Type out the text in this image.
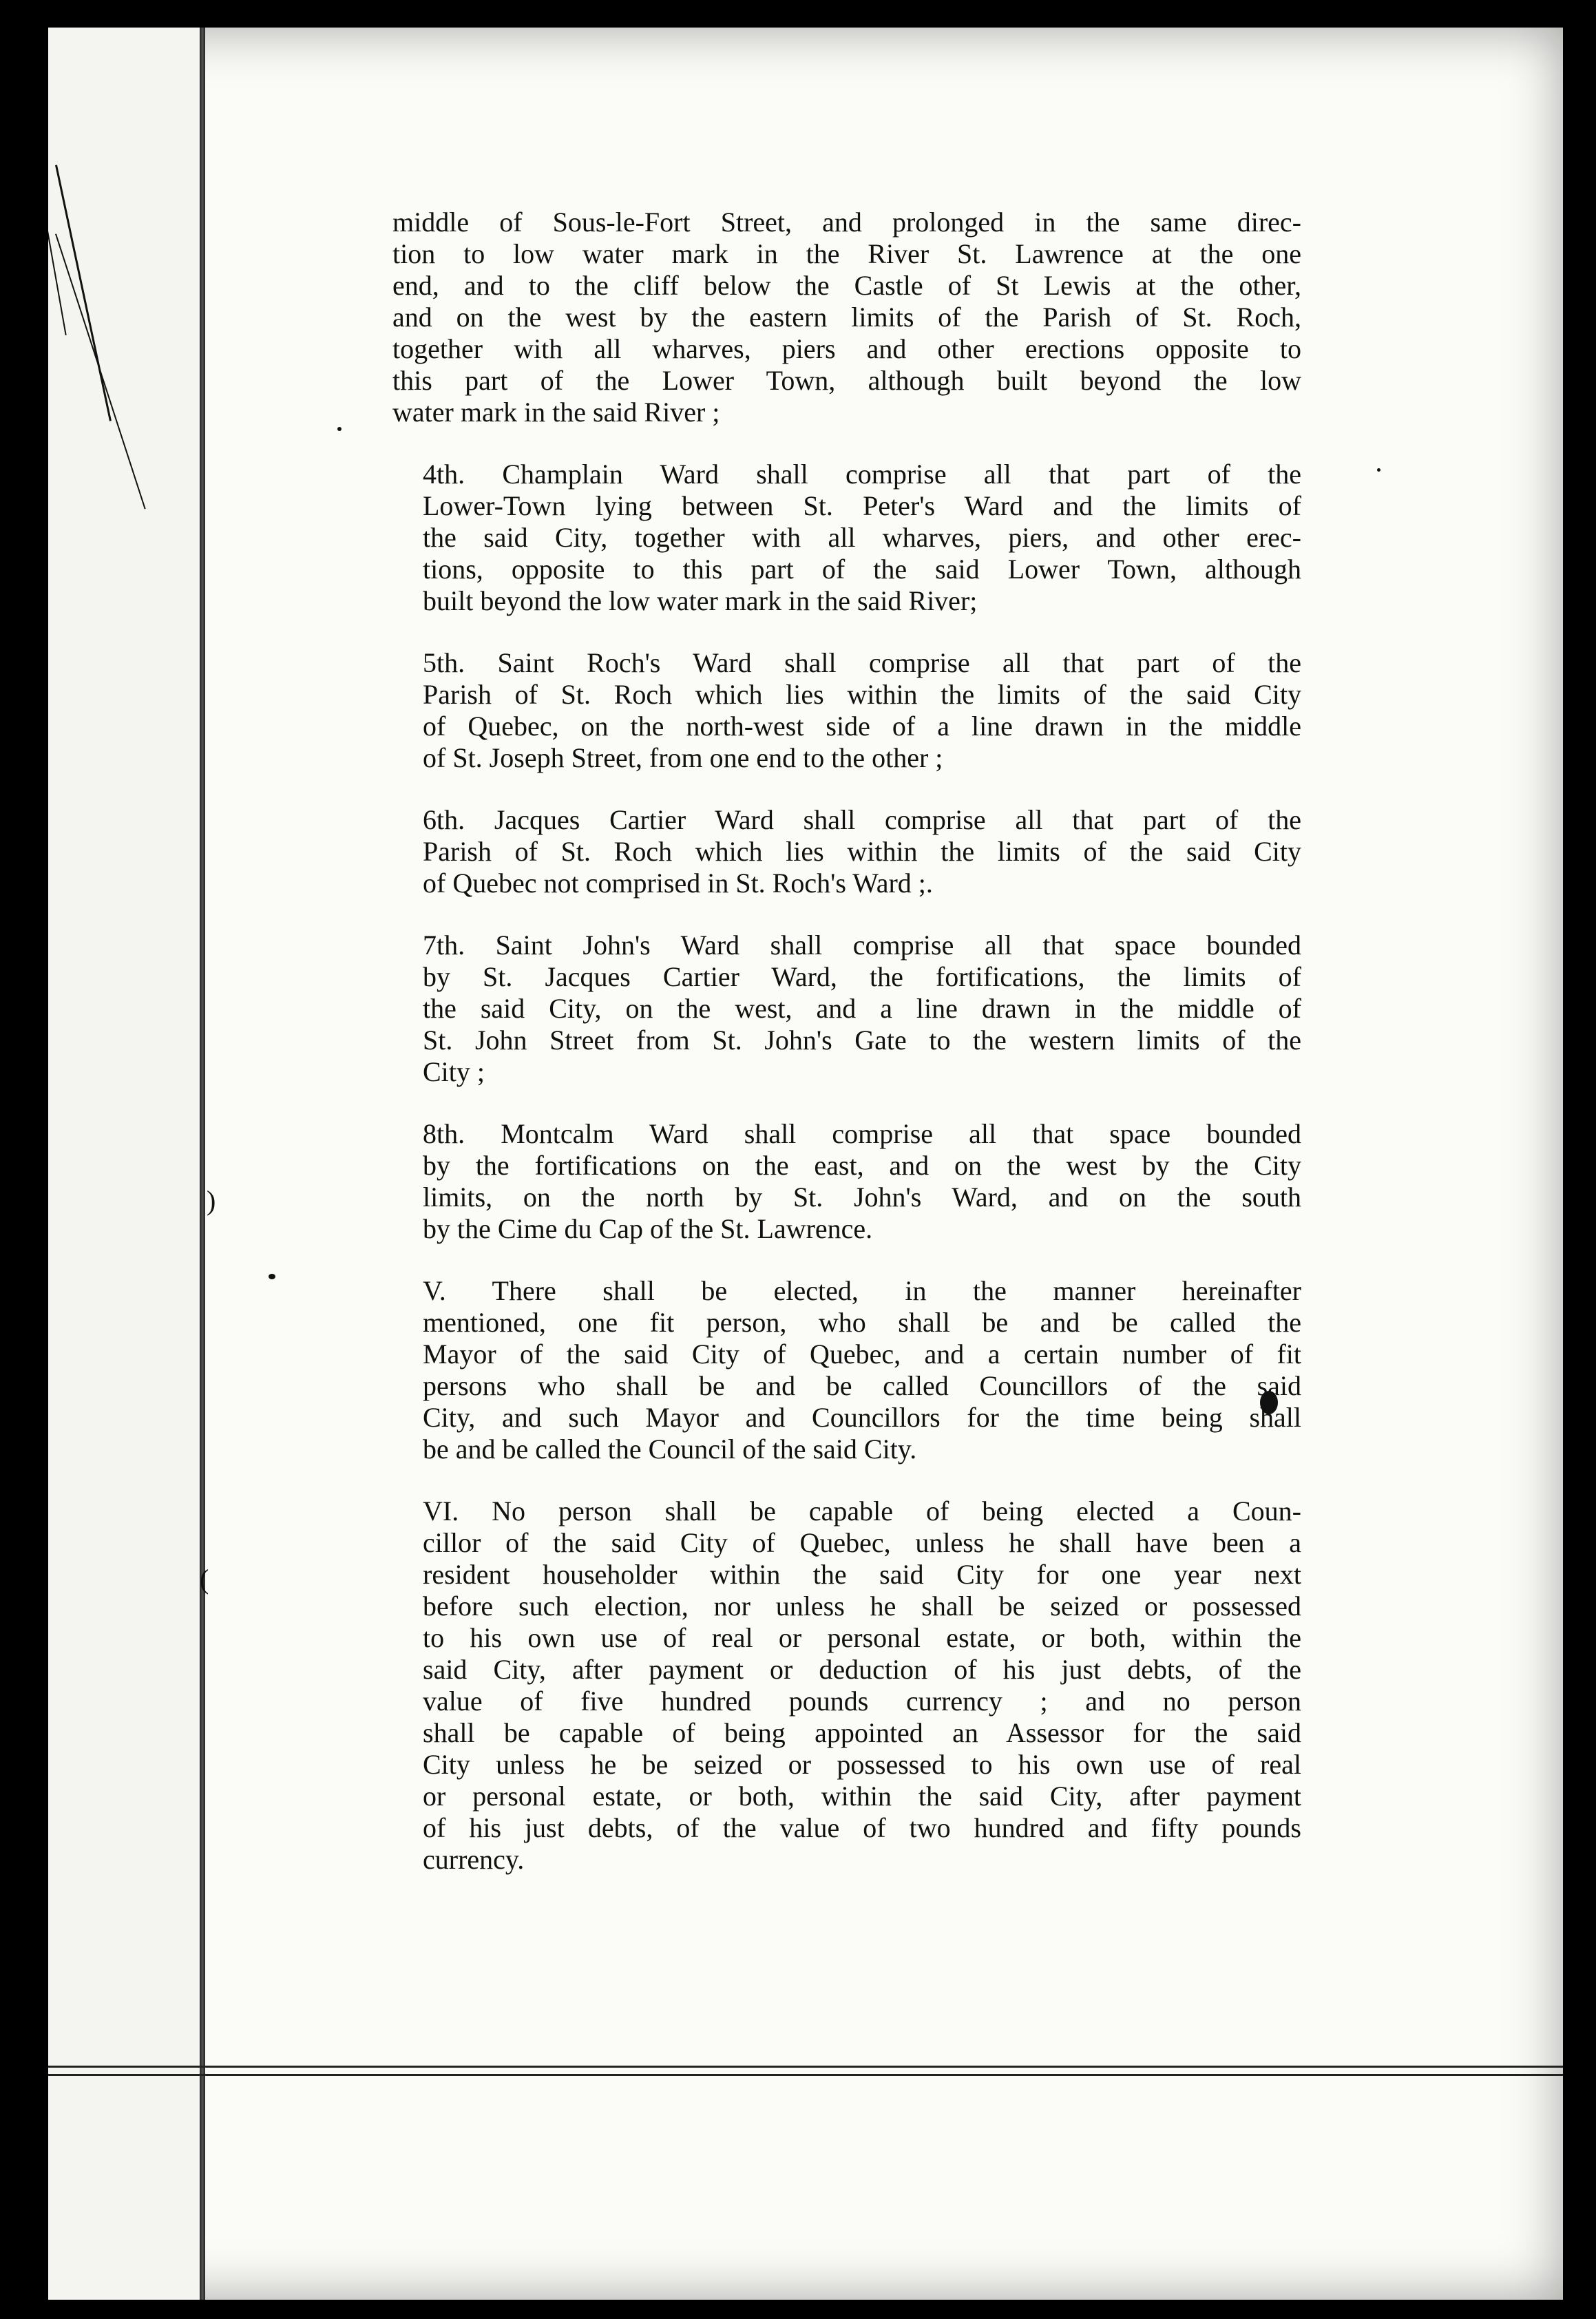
)
(

middle of Sous-le-Fort Street, and prolonged in the same direc-
tion to low water mark in the River St. Lawrence at the one
end, and to the cliff below the Castle of St Lewis at the other,
and on the west by the eastern limits of the Parish of St. Roch,
together with all wharves, piers and other erections opposite to
this part of the Lower Town, although built beyond the low
water mark in the said River ;

4th. Champlain Ward shall comprise all that part of the
Lower-Town lying between St. Peter's Ward and the limits of
the said City, together with all wharves, piers, and other erec-
tions, opposite to this part of the said Lower Town, although
built beyond the low water mark in the said River;

5th. Saint Roch's Ward shall comprise all that part of the
Parish of St. Roch which lies within the limits of the said City
of Quebec, on the north-west side of a line drawn in the middle
of St. Joseph Street, from one end to the other ;

6th. Jacques Cartier Ward shall comprise all that part of the
Parish of St. Roch which lies within the limits of the said City
of Quebec not comprised in St. Roch's Ward ;.

7th. Saint John's Ward shall comprise all that space bounded
by St. Jacques Cartier Ward, the fortifications, the limits of
the said City, on the west, and a line drawn in the middle of
St. John Street from St. John's Gate to the western limits of the
City ;

8th. Montcalm Ward shall comprise all that space bounded
by the fortifications on the east, and on the west by the City
limits, on the north by St. John's Ward, and on the south
by the Cime du Cap of the St. Lawrence.

V. There shall be elected, in the manner hereinafter
mentioned, one fit person, who shall be and be called the
Mayor of the said City of Quebec, and a certain number of fit
persons who shall be and be called Councillors of the said
City, and such Mayor and Councillors for the time being shall
be and be called the Council of the said City.

VI. No person shall be capable of being elected a Coun-
cillor of the said City of Quebec, unless he shall have been a
resident householder within the said City for one year next
before such election, nor unless he shall be seized or possessed
to his own use of real or personal estate, or both, within the
said City, after payment or deduction of his just debts, of the
value of five hundred pounds currency ; and no person
shall be capable of being appointed an Assessor for the said
City unless he be seized or possessed to his own use of real
or personal estate, or both, within the said City, after payment
of his just debts, of the value of two hundred and fifty pounds
currency.
